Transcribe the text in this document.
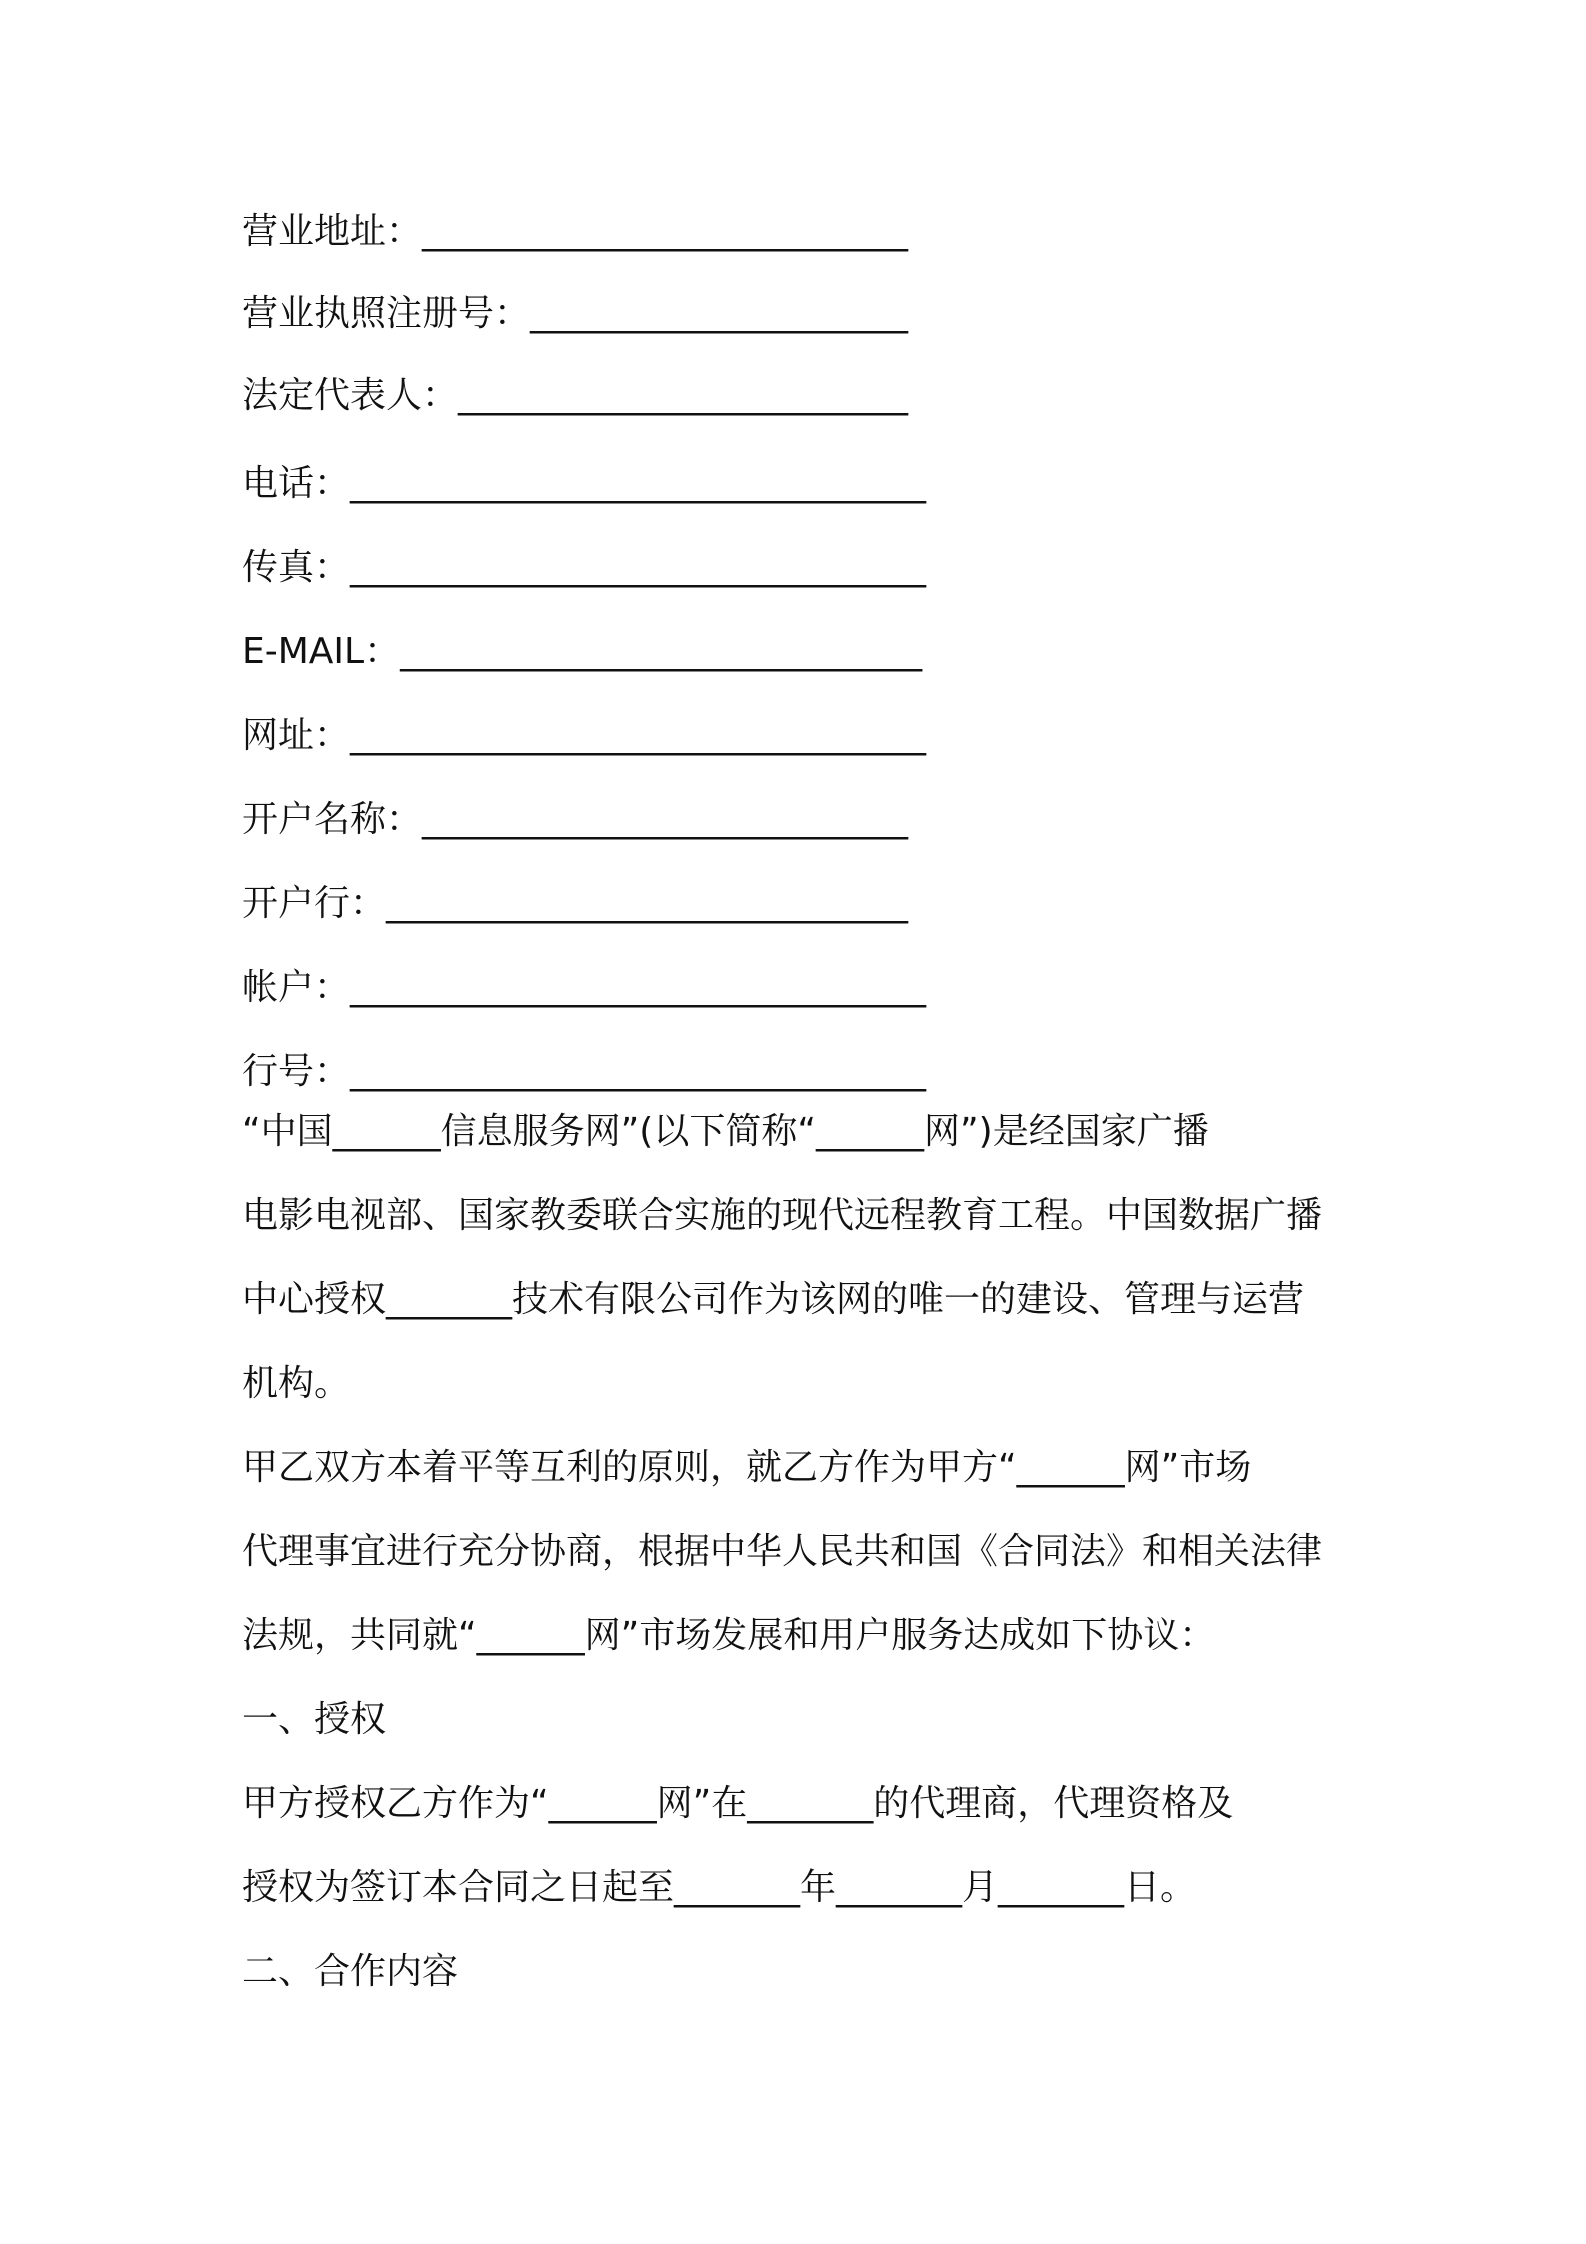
营业地址：___________________________
营业执照注册号：_____________________
法定代表人：_________________________
电话：________________________________
传真：________________________________
E-MAIL：_____________________________
网址：________________________________
开户名称：___________________________
开户行：_____________________________
帐户：________________________________
行号：________________________________
“中国______信息服务网”(以下简称“______网”)是经国家广播
电影电视部、国家教委联合实施的现代远程教育工程。中国数据广播
中心授权_______技术有限公司作为该网的唯一的建设、管理与运营
机构。
甲乙双方本着平等互利的原则，就乙方作为甲方“______网”市场
代理事宜进行充分协商，根据中华人民共和国《合同法》和相关法律
法规，共同就“______网”市场发展和用户服务达成如下协议：
一、授权
甲方授权乙方作为“______网”在_______的代理商，代理资格及
授权为签订本合同之日起至_______年_______月_______日。
二、合作内容
